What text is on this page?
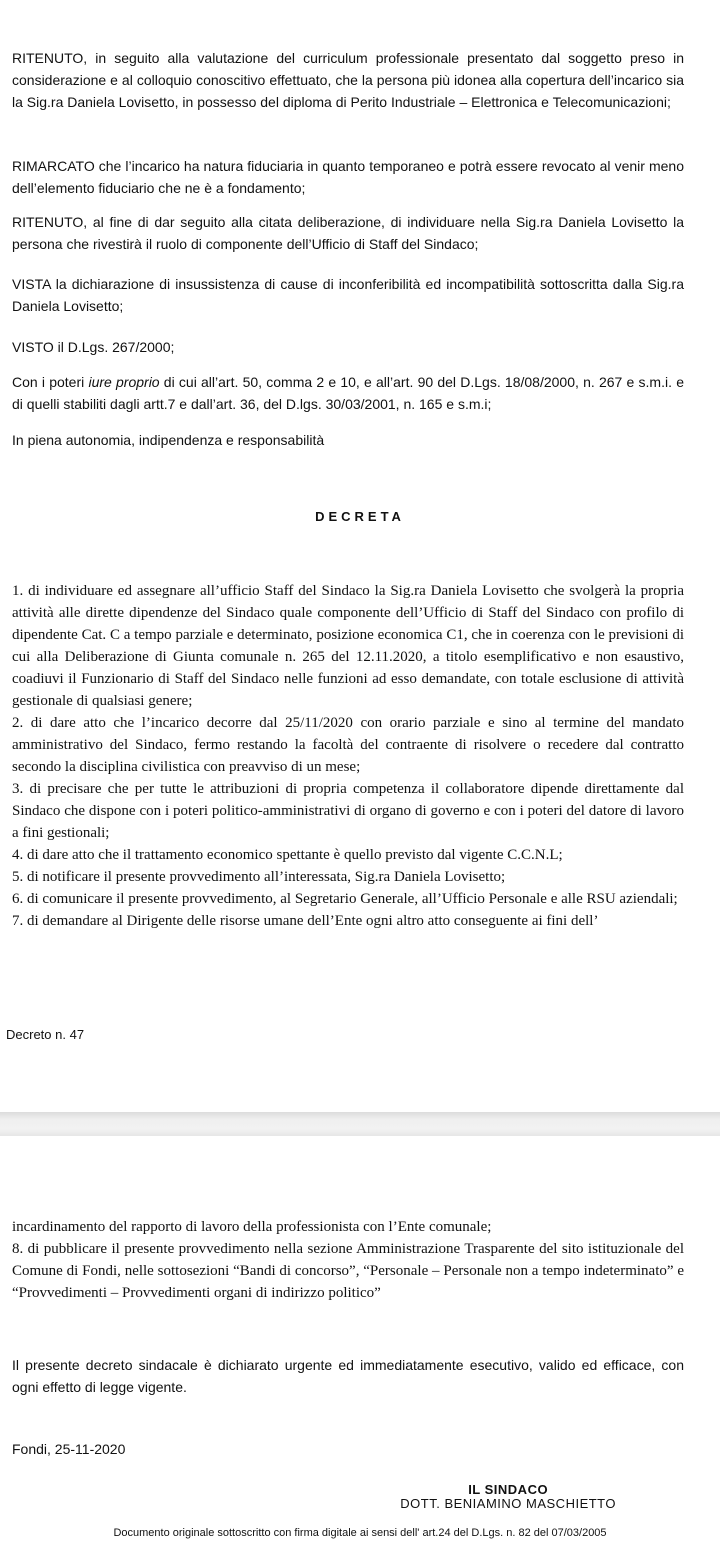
RITENUTO, in seguito alla valutazione del curriculum professionale presentato dal soggetto preso in considerazione e al colloquio conoscitivo effettuato, che la persona più idonea alla copertura dell’incarico sia la Sig.ra Daniela Lovisetto, in possesso del diploma di Perito Industriale – Elettronica e Telecomunicazioni;

RIMARCATO che l’incarico ha natura fiduciaria in quanto temporaneo e potrà essere revocato al venir meno dell’elemento fiduciario che ne è a fondamento;

RITENUTO, al fine di dar seguito alla citata deliberazione, di individuare nella Sig.ra Daniela Lovisetto la persona che rivestirà il ruolo di componente dell’Ufficio di Staff del Sindaco;

VISTA la dichiarazione di insussistenza di cause di inconferibilità ed incompatibilità sottoscritta dalla Sig.ra Daniela Lovisetto;

VISTO il D.Lgs. 267/2000;

Con i poteri iure proprio di cui all’art. 50, comma 2 e 10, e all’art. 90 del D.Lgs. 18/08/2000, n. 267 e s.m.i. e di quelli stabiliti dagli artt.7 e dall’art. 36, del D.lgs. 30/03/2001, n. 165 e s.m.i;

In piena autonomia, indipendenza e responsabilità

DECRETA

1. di individuare ed assegnare all’ufficio Staff del Sindaco la Sig.ra Daniela Lovisetto che svolgerà la propria attività alle dirette dipendenze del Sindaco quale componente dell’Ufficio di Staff del Sindaco con profilo di dipendente Cat. C a tempo parziale e determinato, posizione economica C1, che in coerenza con le previsioni di cui alla Deliberazione di Giunta comunale n. 265 del 12.11.2020, a titolo esemplificativo e non esaustivo, coadiuvi il Funzionario di Staff del Sindaco nelle funzioni ad esso demandate, con totale esclusione di attività gestionale di qualsiasi genere;

2. di dare atto che l’incarico decorre dal 25/11/2020 con orario parziale e sino al termine del mandato amministrativo del Sindaco, fermo restando la facoltà del contraente di risolvere o recedere dal contratto secondo la disciplina civilistica con preavviso di un mese;

3. di precisare che per tutte le attribuzioni di propria competenza il collaboratore dipende direttamente dal Sindaco che dispone con i poteri politico-amministrativi di organo di governo e con i poteri del datore di lavoro a fini gestionali;

4. di dare atto che il trattamento economico spettante è quello previsto dal vigente C.C.N.L;

5. di notificare il presente provvedimento all’interessata, Sig.ra Daniela Lovisetto;

6. di comunicare il presente provvedimento, al Segretario Generale, all’Ufficio Personale e alle RSU aziendali;

7. di demandare al Dirigente delle risorse umane dell’Ente ogni altro atto conseguente ai fini dell’

Decreto n. 47

incardinamento del rapporto di lavoro della professionista con l’Ente comunale;

8. di pubblicare il presente provvedimento nella sezione Amministrazione Trasparente del sito istituzionale del Comune di Fondi, nelle sottosezioni “Bandi di concorso”, “Personale – Personale non a tempo indeterminato” e “Provvedimenti – Provvedimenti organi di indirizzo politico”

Il presente decreto sindacale è dichiarato urgente ed immediatamente esecutivo, valido ed efficace, con ogni effetto di legge vigente.

Fondi, 25-11-2020

IL SINDACO
DOTT. BENIAMINO MASCHIETTO
Documento originale sottoscritto con firma digitale ai sensi dell' art.24 del D.Lgs. n. 82 del 07/03/2005
